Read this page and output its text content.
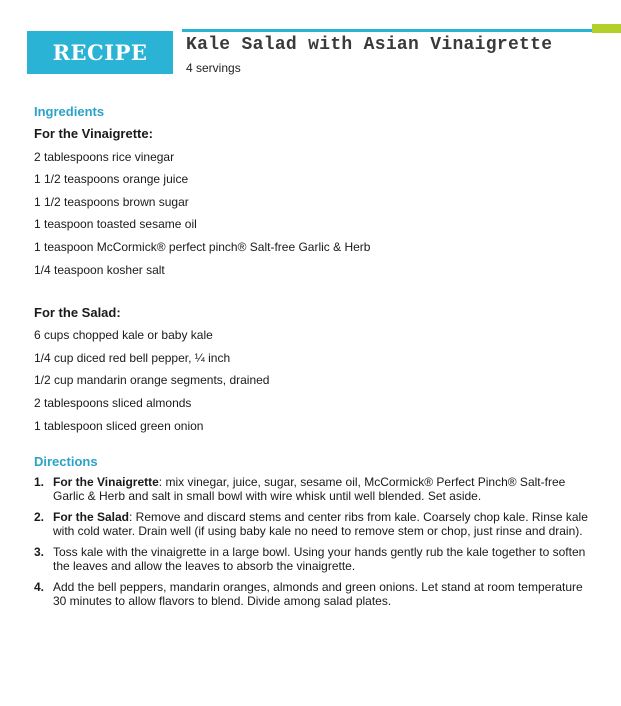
RECIPE	Kale Salad with Asian Vinaigrette
4 servings
Ingredients
For the Vinaigrette:
2 tablespoons rice vinegar
1 1/2 teaspoons orange juice
1 1/2 teaspoons brown sugar
1 teaspoon toasted sesame oil
1 teaspoon McCormick® perfect pinch® Salt-free Garlic & Herb
1/4 teaspoon kosher salt
For the Salad:
6 cups chopped kale or baby kale
1/4 cup diced red bell pepper, ¼ inch
1/2 cup mandarin orange segments, drained
2 tablespoons sliced almonds
1 tablespoon sliced green onion
Directions
1. For the Vinaigrette: mix vinegar, juice, sugar, sesame oil, McCormick® Perfect Pinch® Salt-free Garlic & Herb and salt in small bowl with wire whisk until well blended. Set aside.
2. For the Salad: Remove and discard stems and center ribs from kale. Coarsely chop kale. Rinse kale with cold water. Drain well (if using baby kale no need to remove stem or chop, just rinse and drain).
3. Toss kale with the vinaigrette in a large bowl. Using your hands gently rub the kale together to soften the leaves and allow the leaves to absorb the vinaigrette.
4. Add the bell peppers, mandarin oranges, almonds and green onions. Let stand at room temperature 30 minutes to allow flavors to blend. Divide among salad plates.
